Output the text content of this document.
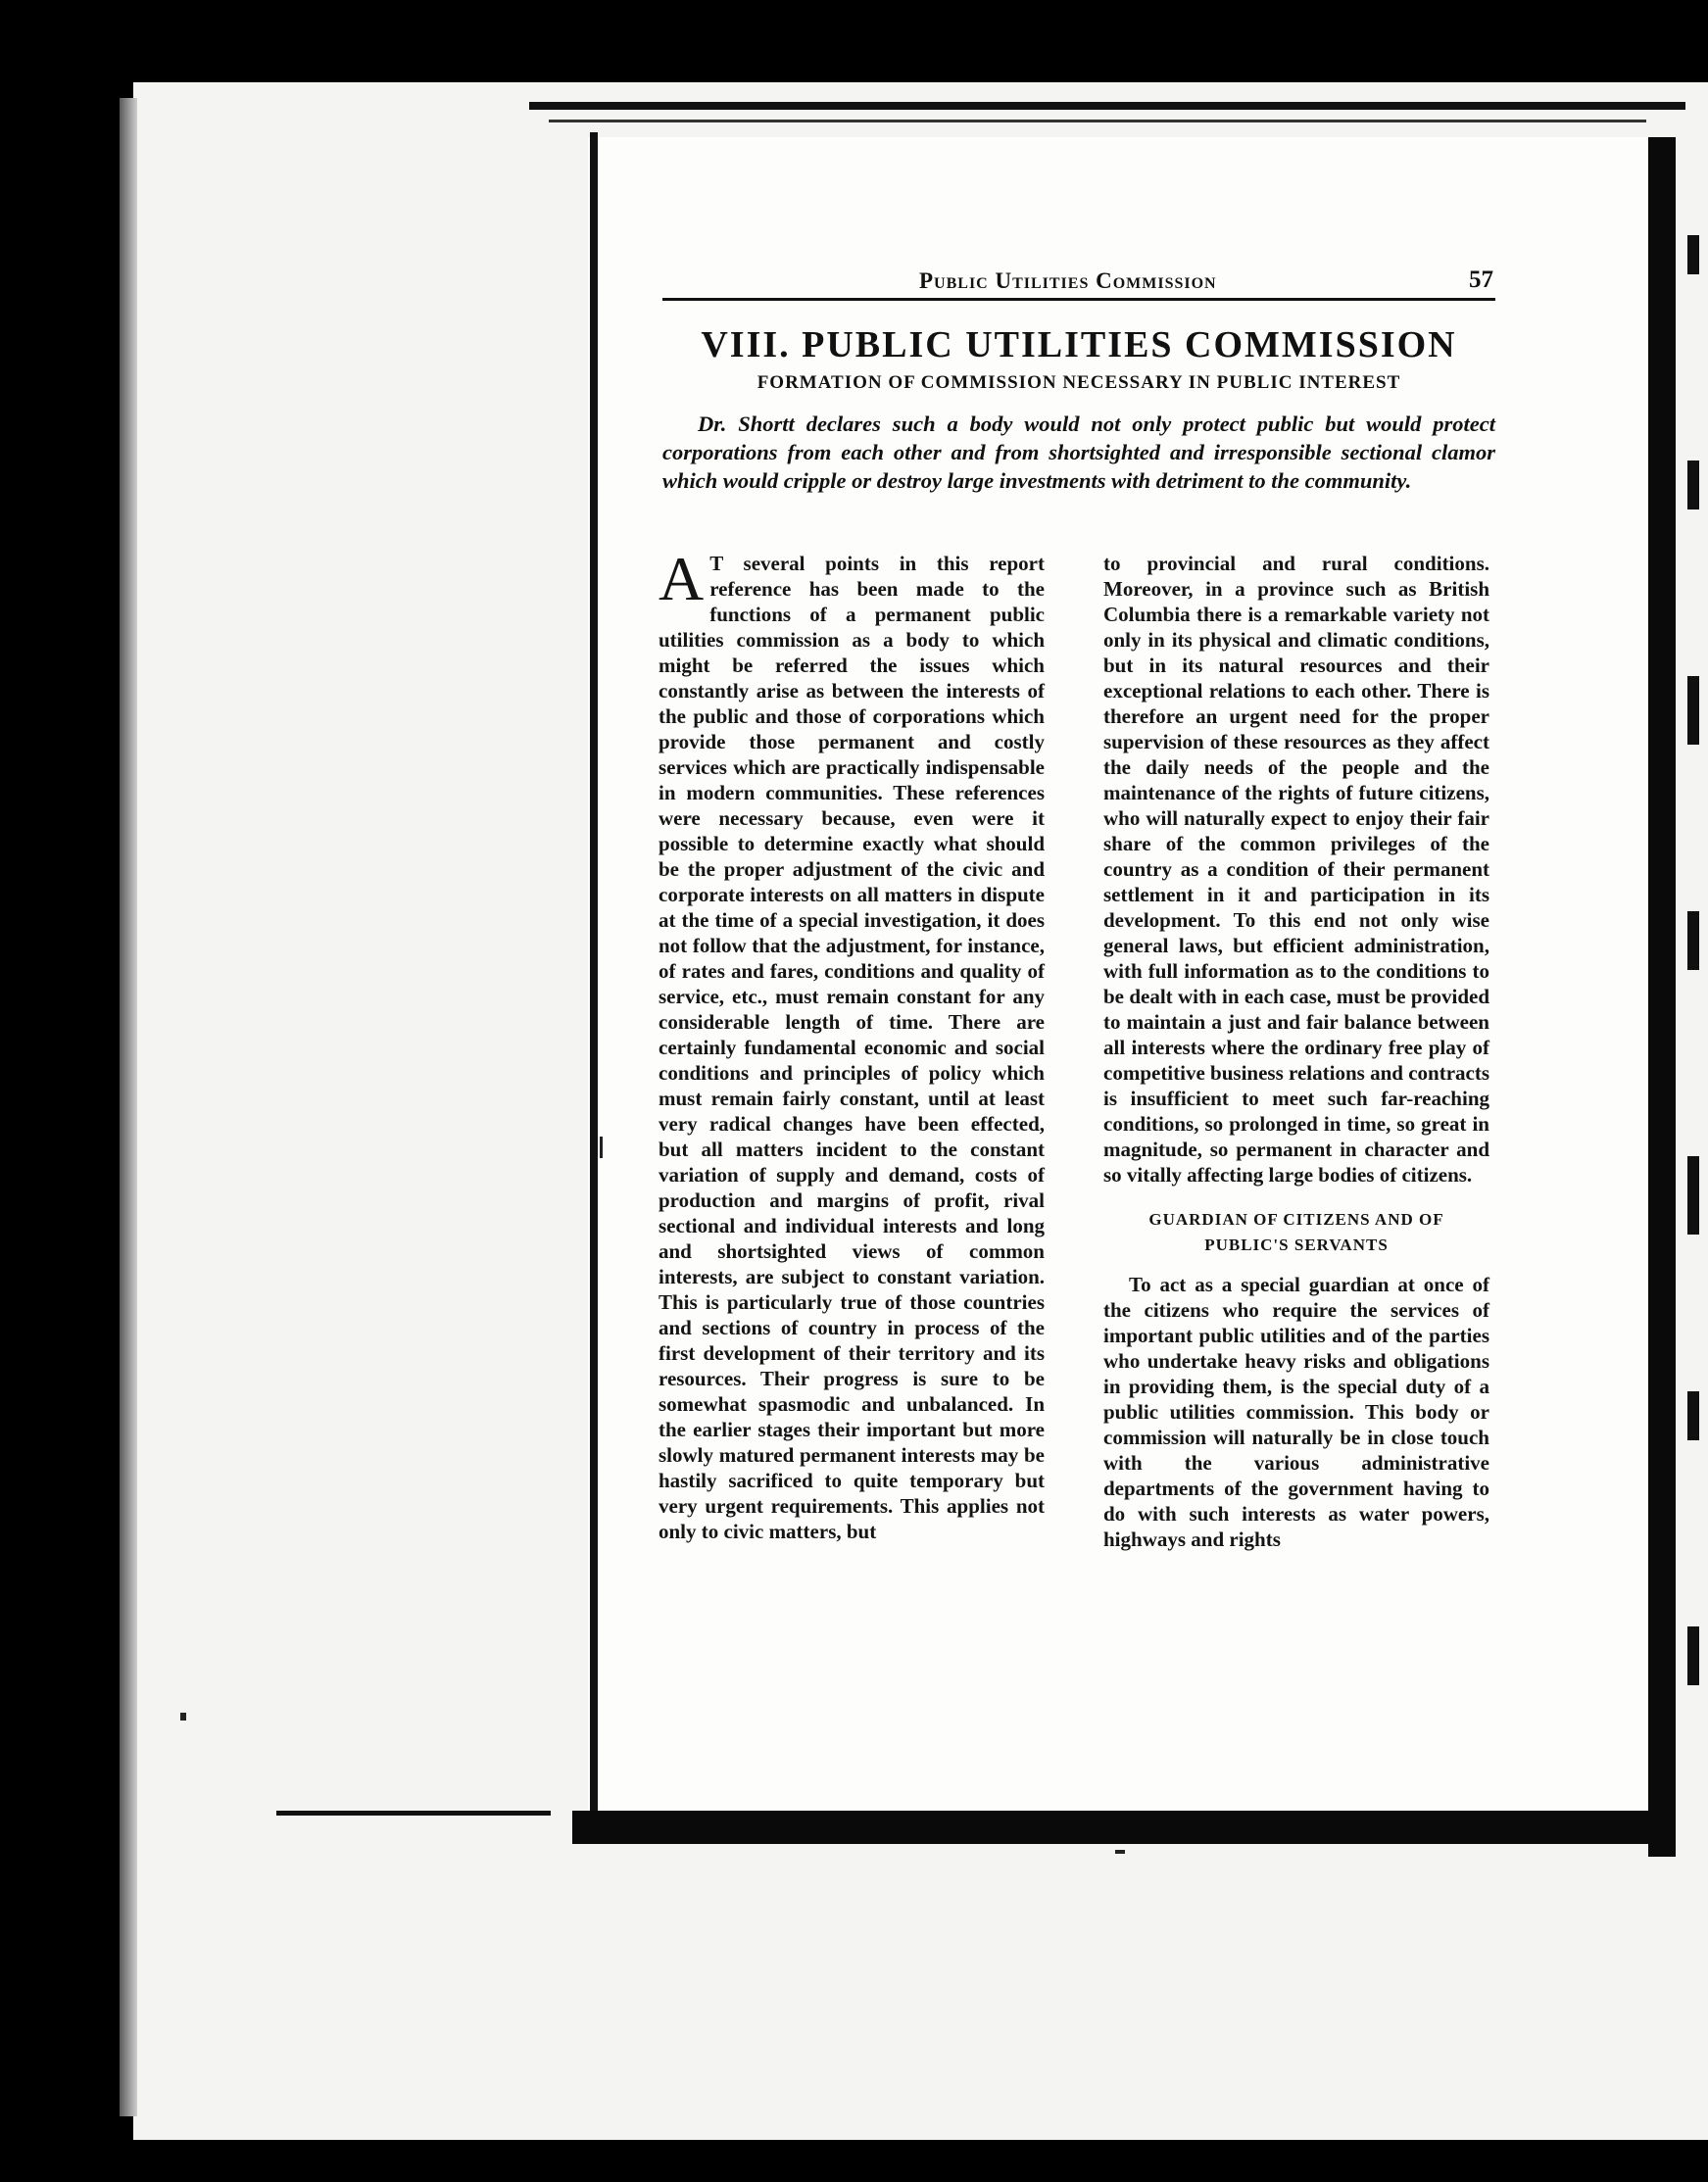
Public Utilities Commission	57
VIII. PUBLIC UTILITIES COMMISSION
FORMATION OF COMMISSION NECESSARY IN PUBLIC INTEREST
Dr. Shortt declares such a body would not only protect public but would protect corporations from each other and from shortsighted and irresponsible sectional clamor which would cripple or destroy large investments with detriment to the community.
A T several points in this report reference has been made to the functions of a permanent public utilities commission as a body to which might be referred the issues which constantly arise as between the interests of the public and those of corporations which provide those permanent and costly services which are practically indispensable in modern communities. These references were necessary because, even were it possible to determine exactly what should be the proper adjustment of the civic and corporate interests on all matters in dispute at the time of a special investigation, it does not follow that the adjustment, for instance, of rates and fares, conditions and quality of service, etc., must remain constant for any considerable length of time. There are certainly fundamental economic and social conditions and principles of policy which must remain fairly constant, until at least very radical changes have been effected, but all matters incident to the constant variation of supply and demand, costs of production and margins of profit, rival sectional and individual interests and long and shortsighted views of common interests, are subject to constant variation. This is particularly true of those countries and sections of country in process of the first development of their territory and its resources. Their progress is sure to be somewhat spasmodic and unbalanced. In the earlier stages their important but more slowly matured permanent interests may be hastily sacrificed to quite temporary but very urgent requirements. This applies not only to civic matters, but

to provincial and rural conditions. Moreover, in a province such as British Columbia there is a remarkable variety not only in its physical and climatic conditions, but in its natural resources and their exceptional relations to each other. There is therefore an urgent need for the proper supervision of these resources as they affect the daily needs of the people and the maintenance of the rights of future citizens, who will naturally expect to enjoy their fair share of the common privileges of the country as a condition of their permanent settlement in it and participation in its development. To this end not only wise general laws, but efficient administration, with full information as to the conditions to be dealt with in each case, must be provided to maintain a just and fair balance between all interests where the ordinary free play of competitive business relations and contracts is insufficient to meet such far-reaching conditions, so prolonged in time, so great in magnitude, so permanent in character and so vitally affecting large bodies of citizens.

GUARDIAN OF CITIZENS AND OF
PUBLIC'S SERVANTS

To act as a special guardian at once of the citizens who require the services of important public utilities and of the parties who undertake heavy risks and obligations in providing them, is the special duty of a public utilities commission. This body or commission will naturally be in close touch with the various administrative departments of the government having to do with such interests as water powers, highways and rights
